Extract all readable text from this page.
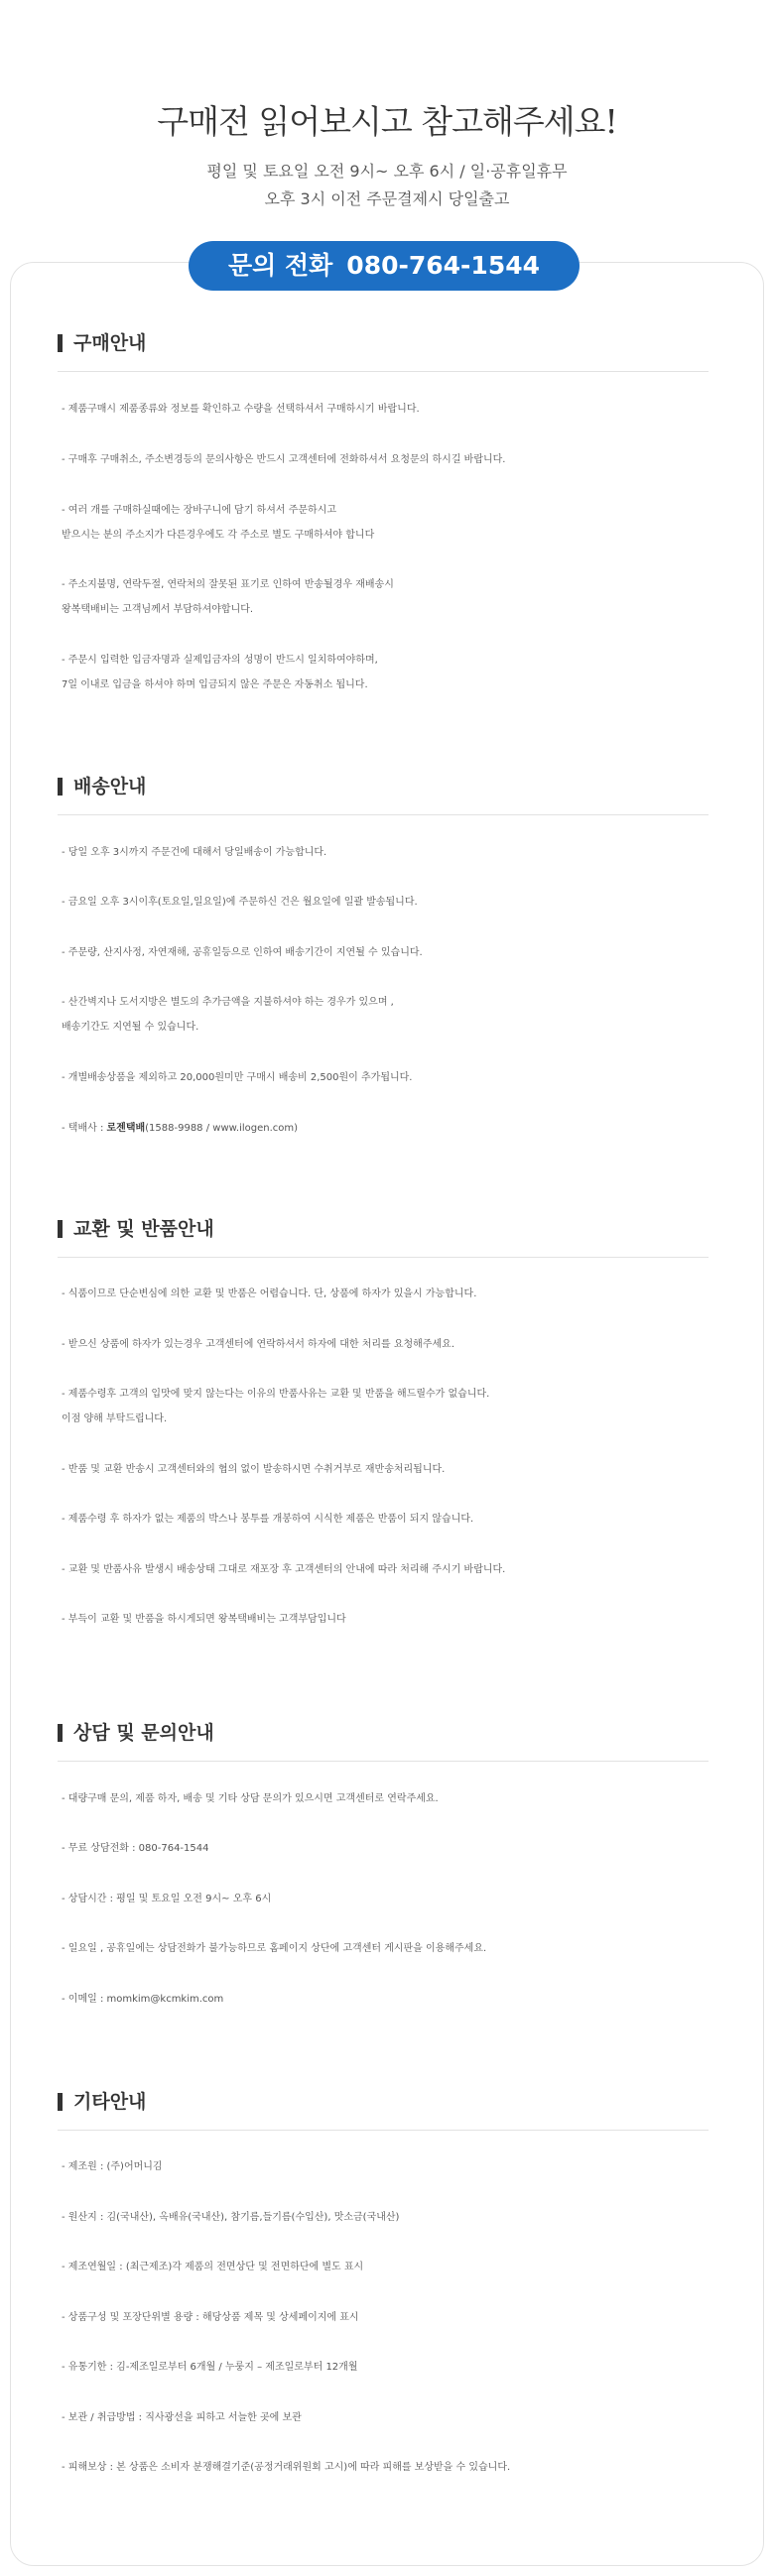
구매전 읽어보시고 참고해주세요!
평일 및 토요일 오전 9시~ 오후 6시 / 일·공휴일휴무
오후 3시 이전 주문결제시 당일출고
문의 전화 080-764-1544
구매안내
- 제품구매시 제품종류와 정보를 확인하고 수량을 선택하셔서 구매하시기 바랍니다.
- 구매후 구매취소, 주소변경등의 문의사항은 반드시 고객센터에 전화하셔서 요청문의 하시길 바랍니다.
- 여러 개를 구매하실때에는 장바구니에 담기 하셔서 주문하시고
받으시는 분의 주소지가 다른경우에도 각 주소로 별도 구매하셔야 합니다
- 주소지불명, 연락두절, 연락처의 잘못된 표기로 인하여 반송될경우 재배송시
왕복택배비는 고객님께서 부담하셔야합니다.
- 주문시 입력한 입금자명과 실제입금자의 성명이 반드시 일치하여야하며,
7일 이내로 입금을 하셔야 하며 입금되지 않은 주문은 자동취소 됩니다.
배송안내
- 당일 오후 3시까지 주문건에 대해서 당일배송이 가능합니다.
- 금요일 오후 3시이후(토요일,일요일)에 주문하신 건은 월요일에 일괄 발송됩니다.
- 주문량, 산지사정, 자연재해, 공휴일등으로 인하여 배송기간이 지연될 수 있습니다.
- 산간벽지나 도서지방은 별도의 추가금액을 지불하셔야 하는 경우가 있으며 ,
배송기간도 지연될 수 있습니다.
- 개별배송상품을 제외하고 20,000원미만 구매시 배송비 2,500원이 추가됩니다.
- 택배사 : 로젠택배(1588-9988 / www.ilogen.com)
교환 및 반품안내
- 식품이므로 단순변심에 의한 교환 및 반품은 어렵습니다. 단, 상품에 하자가 있을시 가능합니다.
- 받으신 상품에 하자가 있는경우 고객센터에 연락하셔서 하자에 대한 처리를 요청해주세요.
- 제품수령후 고객의 입맛에 맞지 않는다는 이유의 반품사유는 교환 및 반품을 해드릴수가 없습니다.
이점 양해 부탁드립니다.
- 반품 및 교환 반송시 고객센터와의 협의 없이 발송하시면 수취거부로 재반송처리됩니다.
- 제품수령 후 하자가 없는 제품의 박스나 봉투를 개봉하여 시식한 제품은 반품이 되지 않습니다.
- 교환 및 반품사유 발생시 배송상태 그대로 재포장 후 고객센터의 안내에 따라 처리해 주시기 바랍니다.
- 부득이 교환 및 반품을 하시게되면 왕복택배비는 고객부담입니다
상담 및 문의안내
- 대량구매 문의, 제품 하자, 배송 및 기타 상담 문의가 있으시면 고객센터로 연락주세요.
- 무료 상담전화 : 080-764-1544
- 상담시간 : 평일 및 토요일 오전 9시~ 오후 6시
- 일요일 , 공휴일에는 상담전화가 불가능하므로 홈페이지 상단에 고객센터 게시판을 이용해주세요.
- 이메일 : momkim@kcmkim.com
기타안내
- 제조원 : (주)어머니김
- 원산지 : 김(국내산), 옥배유(국내산), 참기름,들기름(수입산), 맛소금(국내산)
- 제조연월일 : (최근제조)각 제품의 전면상단 및 전면하단에 별도 표시
- 상품구성 및 포장단위별 용량 : 해당상품 제목 및 상세페이지에 표시
- 유통기한 : 김-제조일로부터 6개월 / 누룽지 – 제조일로부터 12개월
- 보관 / 취급방법 : 직사광선을 피하고 서늘한 곳에 보관
- 피해보상 : 본 상품은 소비자 분쟁해결기준(공정거래위원회 고시)에 따라 피해를 보상받을 수 있습니다.
